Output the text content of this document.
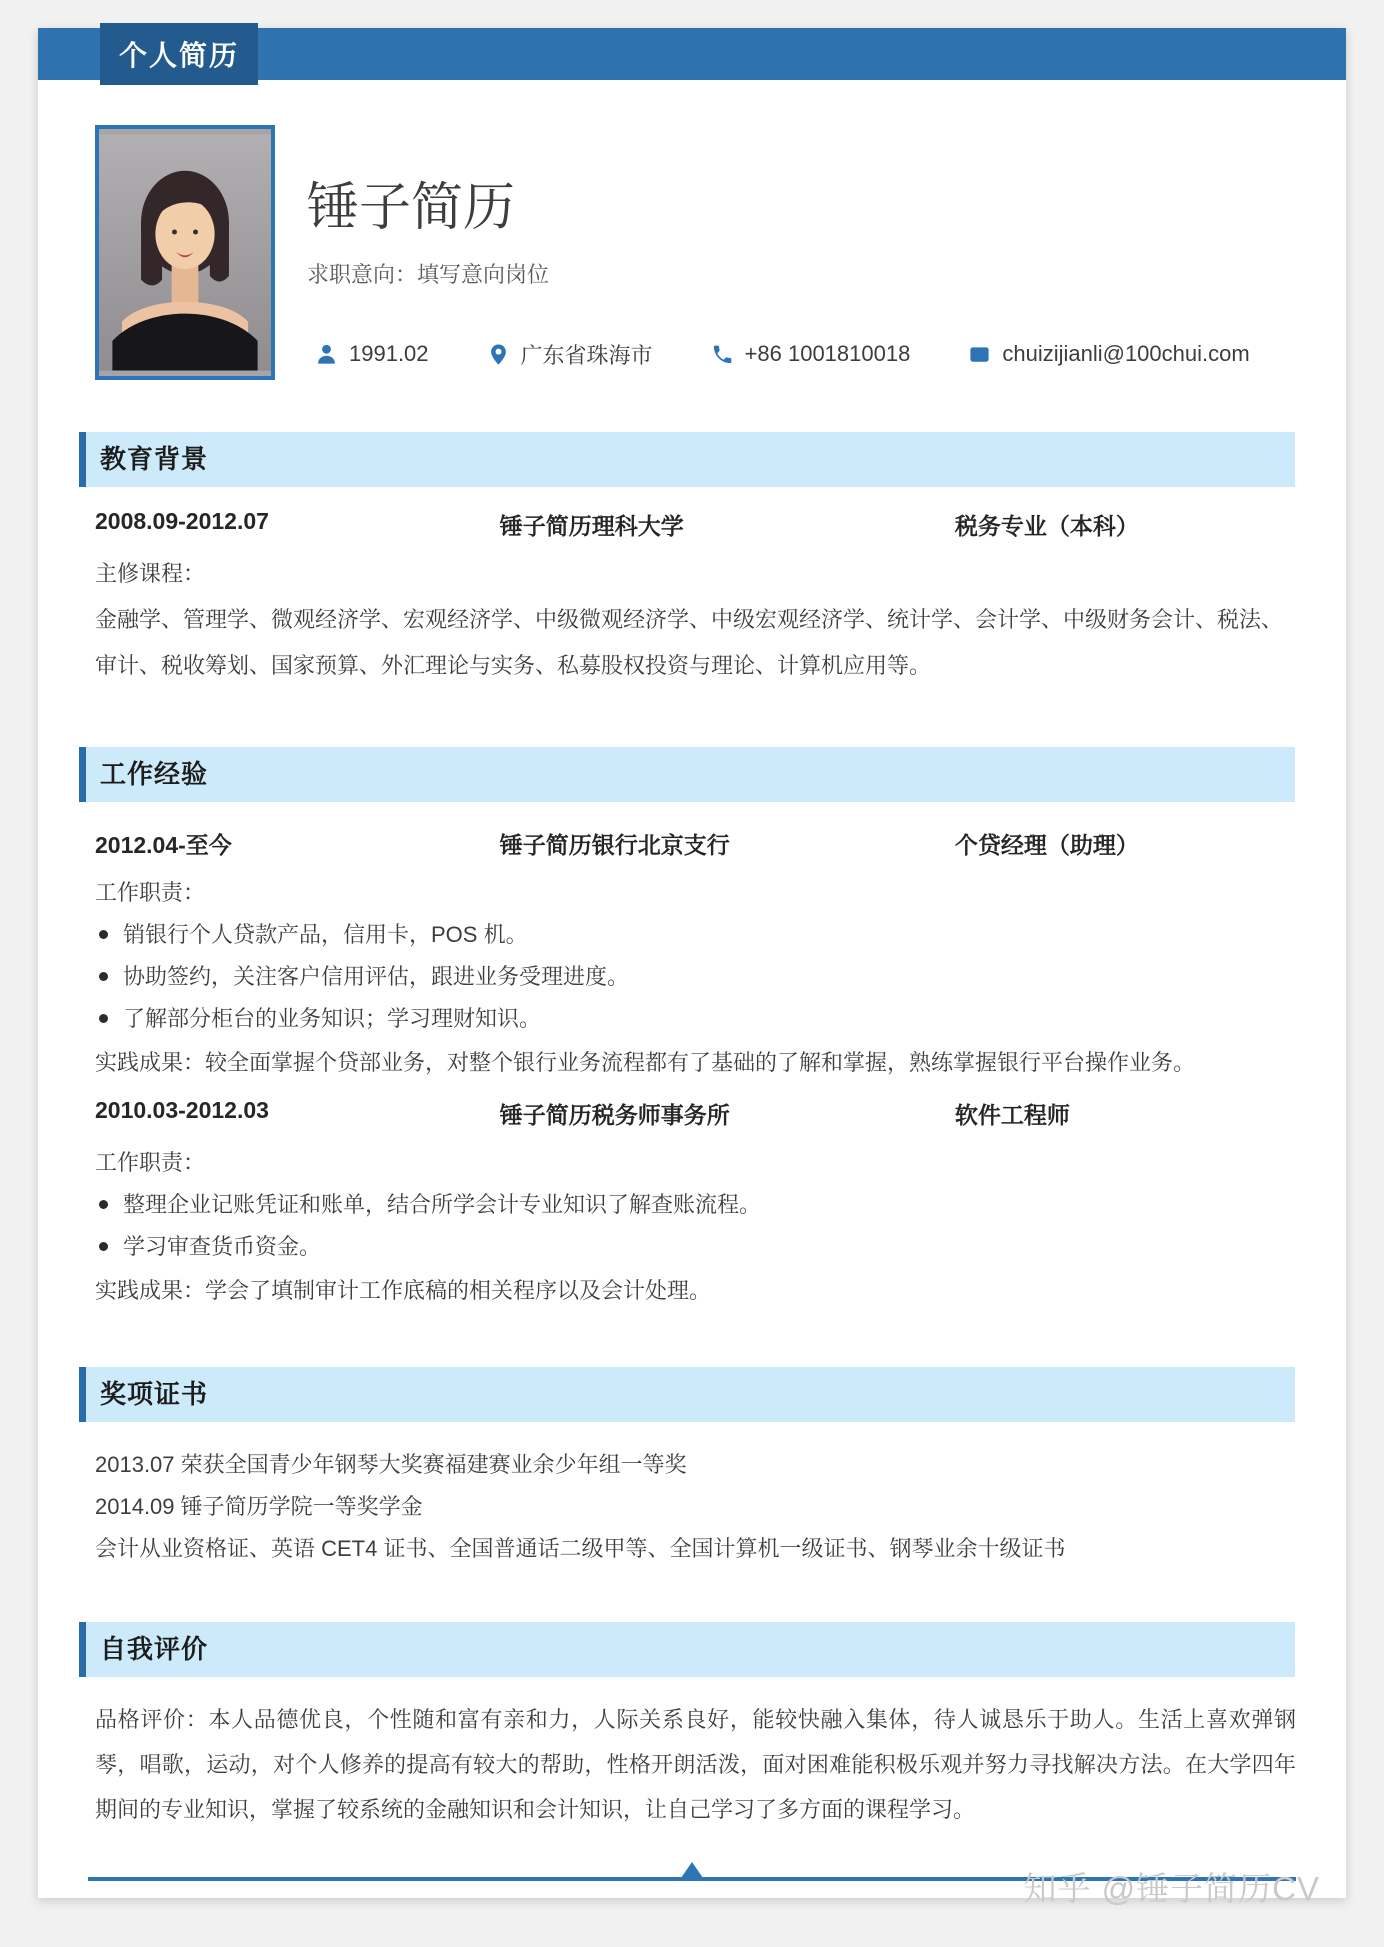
个人简历
锤子简历
求职意向：填写意向岗位
1991.02	广东省珠海市	+86 1001810018	chuizijianli@100chui.com
教育背景
2008.09-2012.07	锤子简历理科大学	税务专业（本科）
主修课程：
金融学、管理学、微观经济学、宏观经济学、中级微观经济学、中级宏观经济学、统计学、会计学、中级财务会计、税法、审计、税收筹划、国家预算、外汇理论与实务、私募股权投资与理论、计算机应用等。
工作经验
2012.04-至今	锤子简历银行北京支行	个贷经理（助理）
工作职责：
销银行个人贷款产品，信用卡，POS 机。
协助签约，关注客户信用评估，跟进业务受理进度。
了解部分柜台的业务知识；学习理财知识。
实践成果：较全面掌握个贷部业务，对整个银行业务流程都有了基础的了解和掌握，熟练掌握银行平台操作业务。
2010.03-2012.03	锤子简历税务师事务所	软件工程师
工作职责：
整理企业记账凭证和账单，结合所学会计专业知识了解查账流程。
学习审查货币资金。
实践成果：学会了填制审计工作底稿的相关程序以及会计处理。
奖项证书
2013.07 荣获全国青少年钢琴大奖赛福建赛业余少年组一等奖
2014.09 锤子简历学院一等奖学金
会计从业资格证、英语 CET4 证书、全国普通话二级甲等、全国计算机一级证书、钢琴业余十级证书
自我评价
品格评价：本人品德优良，个性随和富有亲和力，人际关系良好，能较快融入集体，待人诚恳乐于助人。生活上喜欢弹钢琴，唱歌，运动，对个人修养的提高有较大的帮助，性格开朗活泼，面对困难能积极乐观并努力寻找解决方法。在大学四年期间的专业知识，掌握了较系统的金融知识和会计知识，让自己学习了多方面的课程学习。
知乎 @锤子简历CV
